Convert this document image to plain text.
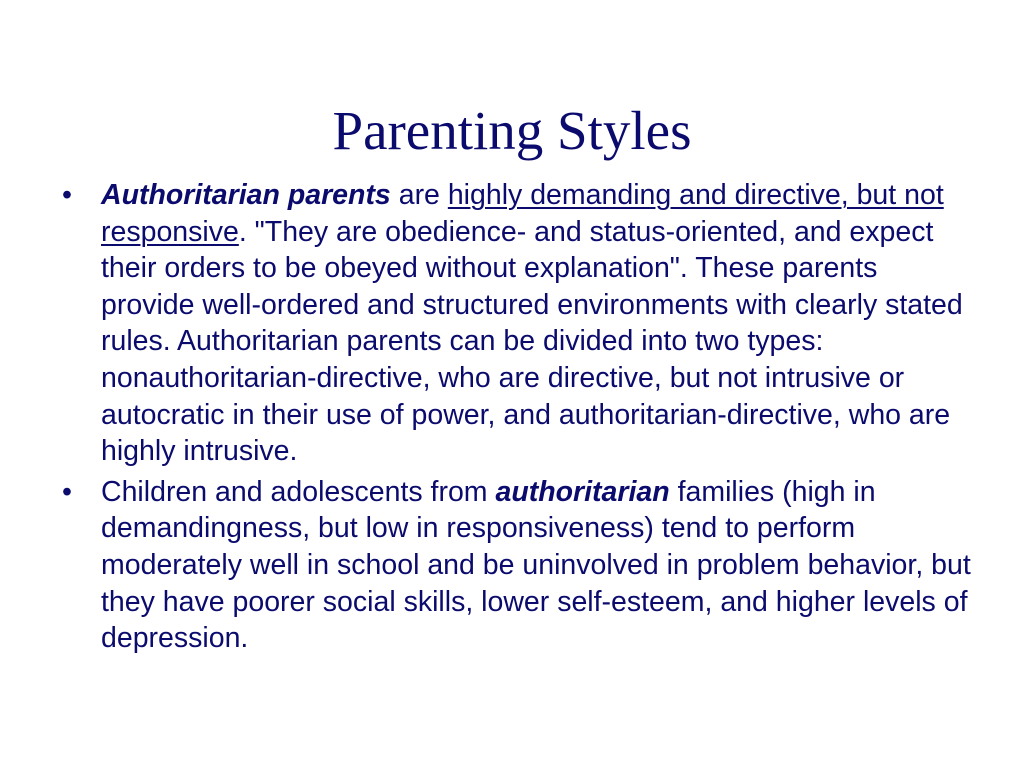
Parenting Styles
• Authoritarian parents are highly demanding and directive, but not responsive. "They are obedience- and status-oriented, and expect their orders to be obeyed without explanation". These parents provide well-ordered and structured environments with clearly stated rules. Authoritarian parents can be divided into two types: nonauthoritarian-directive, who are directive, but not intrusive or autocratic in their use of power, and authoritarian-directive, who are highly intrusive.
• Children and adolescents from authoritarian families (high in demandingness, but low in responsiveness) tend to perform moderately well in school and be uninvolved in problem behavior, but they have poorer social skills, lower self-esteem, and higher levels of depression.
